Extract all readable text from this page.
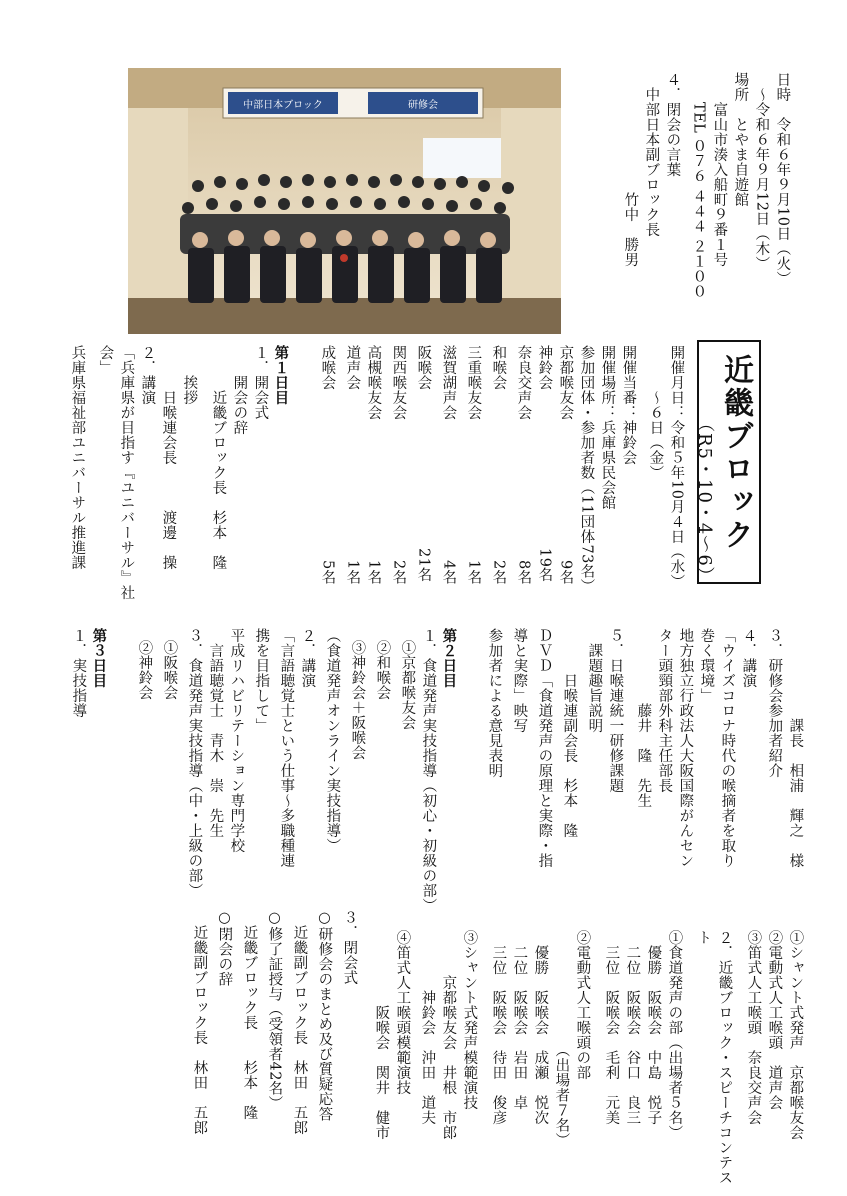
日時　令和６年９月10日（火）
　〜令和６年９月12日（木）
場所　とやま自遊館
　　富山市湊入船町９番１号
　　TEL ０７６ ４４４ ２１００
４．閉会の言葉
　中部日本副ブロック長
　　　　　　　　竹中　勝男
中部日本ブロック	研修会
近畿ブロック
（R5・10・4〜6）
開催月日：令和５年10月４日（水）
　　　〜６日（金）
開催当番：神鈴会
開催場所：兵庫県民会館
参加団体・参加者数（11団体73名）
京都喉友会
9名
神鈴会
19名
奈良交声会
8名
和喉会
2名
三重喉友会
1名
滋賀湖声会
4名
阪喉会
21名
関西喉友会
2名
高槻喉友会
1名
道声会
1名
成喉会
5名
第１日目
１．開会式
　　開会の辞
　　　近畿ブロック長　杉本　隆
　　挨拶
　　　日喉連会長　　　渡邊　操
２．講演
「兵庫県が目指す『ユニバーサル』社
会」
兵庫県福祉部ユニバーサル推進課
　　　　　　課長　相浦　輝之　様
３．研修会参加者紹介
４．講演
「ウイズコロナ時代の喉摘者を取り
巻く環境」
地方独立行政法人大阪国際がんセン
ター頭頸部外科主任部長
　　　　　藤井　隆　先生
５．日喉連統一研修課題
　課題趣旨説明
　　　日喉連副会長　杉本　隆
ＤＶＤ「食道発声の原理と実際・指
導と実際」映写
参加者による意見表明
第２日目
１．食道発声実技指導（初心・初級の部）
①京都喉友会
②和喉会
③神鈴会＋阪喉会
（食道発声オンライン実技指導）
２．講演
「言語聴覚士という仕事〜多職種連
携を目指して」
平成リハビリテーション専門学校
　言語聴覚士　青木　崇　先生
３．食道発声実技指導（中・上級の部）
①阪喉会
②神鈴会
第３日目
１．実技指導
①シャント式発声　京都喉友会
②電動式人工喉頭　道声会
③笛式人工喉頭　奈良交声会
２．近畿ブロック・スピーチコンテス
ト
①食道発声の部（出場者５名）
　優勝　阪喉会　中島　悦子
　二位　阪喉会　谷口　良三
　三位　阪喉会　毛利　元美
②電動式人工喉頭の部
　　　　　　　　（出場者７名）
　優勝　阪喉会　成瀬　悦次
　二位　阪喉会　岩田　卓
　三位　阪喉会　待田　俊彦
③シャント式発声模範演技
　　　京都喉友会　井根　市郎
　　　　神鈴会　沖田　道夫
④笛式人工喉頭模範演技
　　　　　阪喉会　関井　健市
３．閉会式
○研修会のまとめ及び質疑応答
　近畿副ブロック長　林田　五郎
○修了証授与（受領者42名）
　近畿ブロック長　　杉本　隆
○閉会の辞
　近畿副ブロック長　林田　五郎
